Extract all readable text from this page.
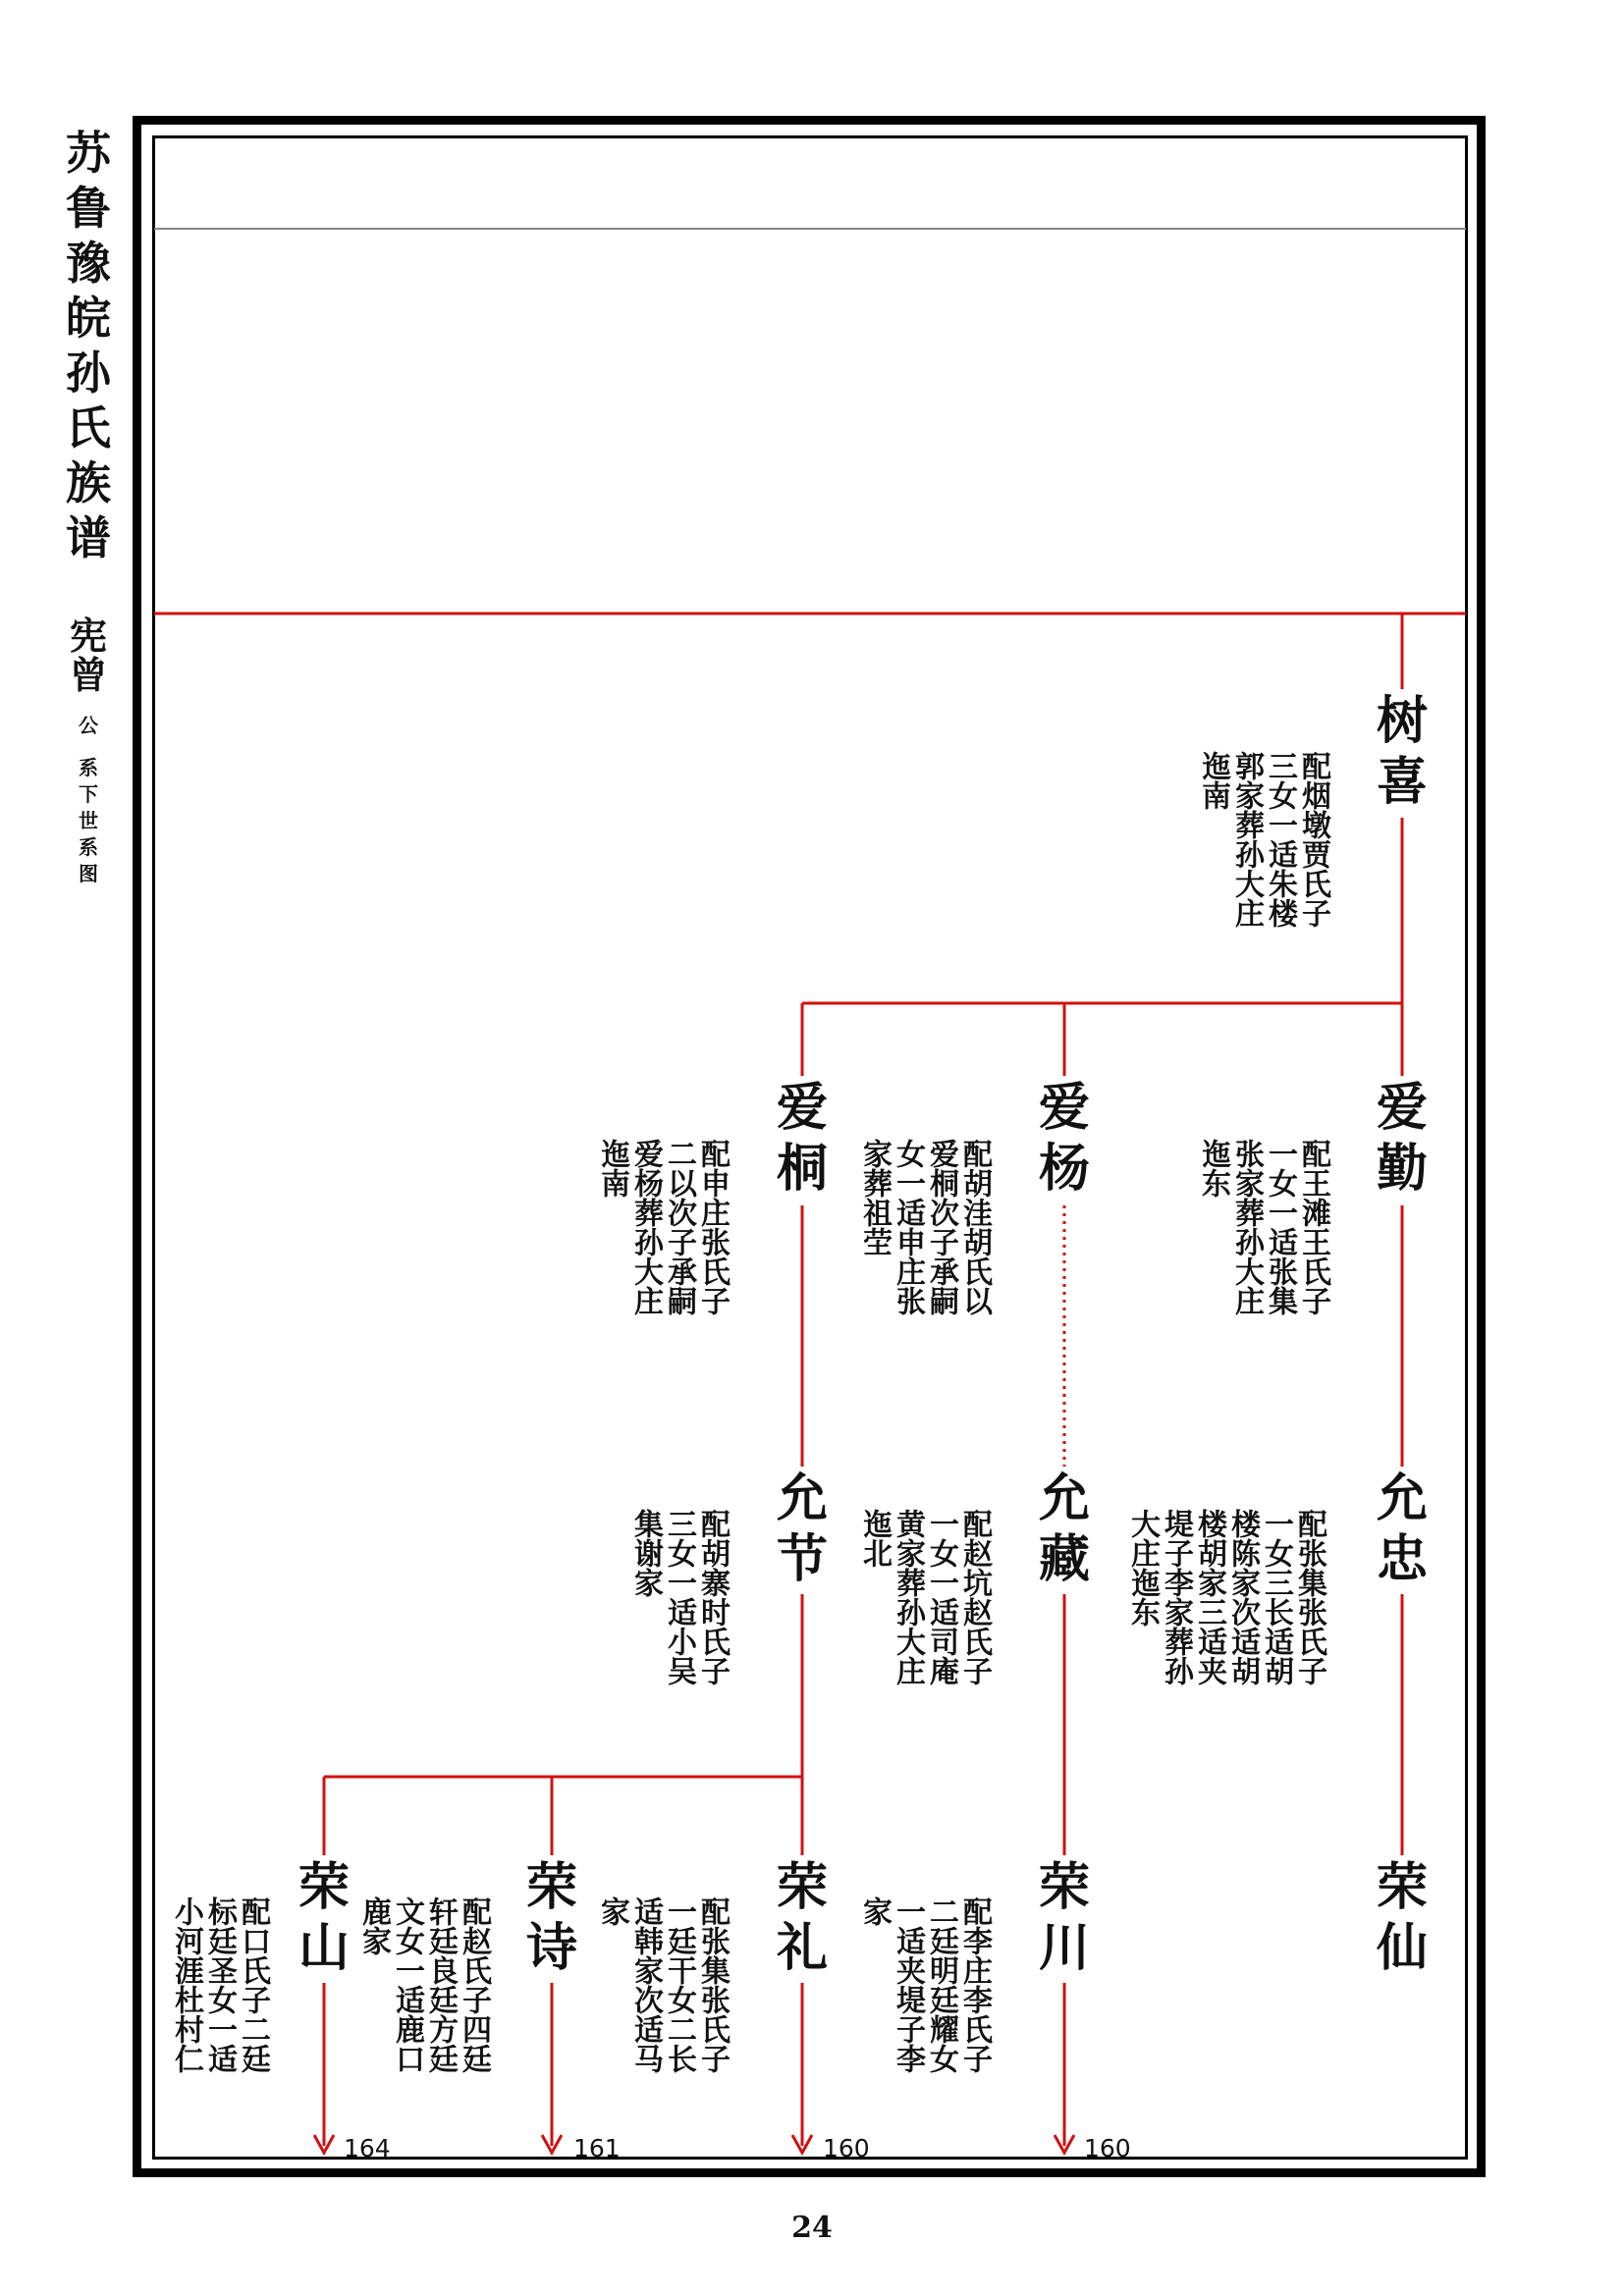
苏
鲁
豫
皖
孙
氏
族
谱
宪
曾
公
系
下
世
系
图
树
喜
配烟墩贾氏子
三女一适朱楼
郭家葬孙大庄
迤南
爱
勤
配王滩王氏子
一女一适张集
张家葬孙大庄
迤东
爱
杨
配胡洼胡氏以
爱桐次子承嗣
女一适申庄张
家葬祖茔
爱
桐
配申庄张氏子
二以次子承嗣
爱杨葬孙大庄
迤南
允
忠
配张集张氏子
一女三长适胡
楼陈家次适胡
楼胡家三适夹
堤子李家葬孙
大庄迤东
允
藏
配赵坑赵氏子
一女一适司庵
黄家葬孙大庄
迤北
允
节
配胡寨时氏子
三女一适小吴
集谢家
荣
仙
荣
川
配李庄李氏子
二廷明廷耀女
一适夹堤子李
家
荣
礼
配张集张氏子
一廷干女二长
适韩家次适马
家
荣
诗
配赵氏子四廷
轩廷良廷方廷
文女一适鹿口
鹿家
荣
山
配口氏子二廷
标廷圣女一适
小河涯杜村仁
160
160
161
164
24
